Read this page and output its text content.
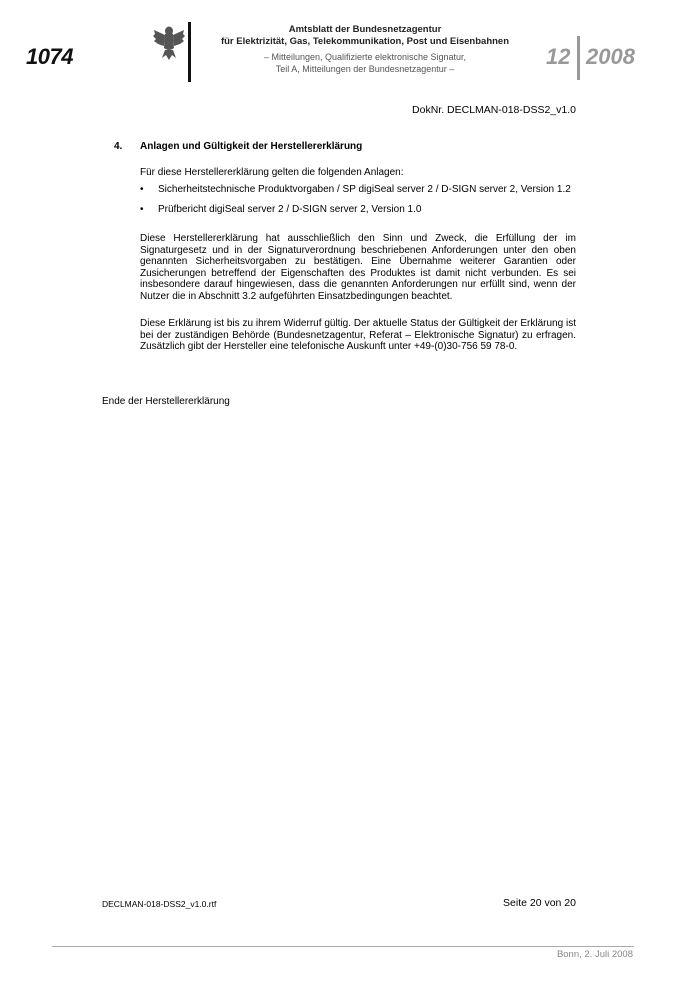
1074
Amtsblatt der Bundesnetzagentur
für Elektrizität, Gas, Telekommunikation, Post und Eisenbahnen
– Mitteilungen, Qualifizierte elektronische Signatur,
Teil A, Mitteilungen der Bundesnetzagentur –	12 2008
DokNr. DECLMAN-018-DSS2_v1.0
4. Anlagen und Gültigkeit der Herstellererklärung
Für diese Herstellererklärung gelten die folgenden Anlagen:
• Sicherheitstechnische Produktvorgaben / SP digiSeal server 2 / D-SIGN server 2, Version 1.2
• Prüfbericht digiSeal server 2 / D-SIGN server 2, Version 1.0
Diese Herstellererklärung hat ausschließlich den Sinn und Zweck, die Erfüllung der im Signaturgesetz und in der Signaturverordnung beschriebenen Anforderungen unter den oben genannten Sicherheitsvorgaben zu bestätigen. Eine Übernahme weiterer Garantien oder Zusicherungen betreffend der Eigenschaften des Produktes ist damit nicht verbunden. Es sei insbesondere darauf hingewiesen, dass die genannten Anforderungen nur erfüllt sind, wenn der Nutzer die in Abschnitt 3.2 aufgeführten Einsatzbedingungen beachtet.
Diese Erklärung ist bis zu ihrem Widerruf gültig. Der aktuelle Status der Gültigkeit der Erklärung ist bei der zuständigen Behörde (Bundesnetzagentur, Referat – Elektronische Signatur) zu erfragen. Zusätzlich gibt der Hersteller eine telefonische Auskunft unter +49-(0)30-756 59 78-0.
Ende der Herstellererklärung
DECLMAN-018-DSS2_v1.0.rtf	Seite 20 von 20
Bonn, 2. Juli 2008
